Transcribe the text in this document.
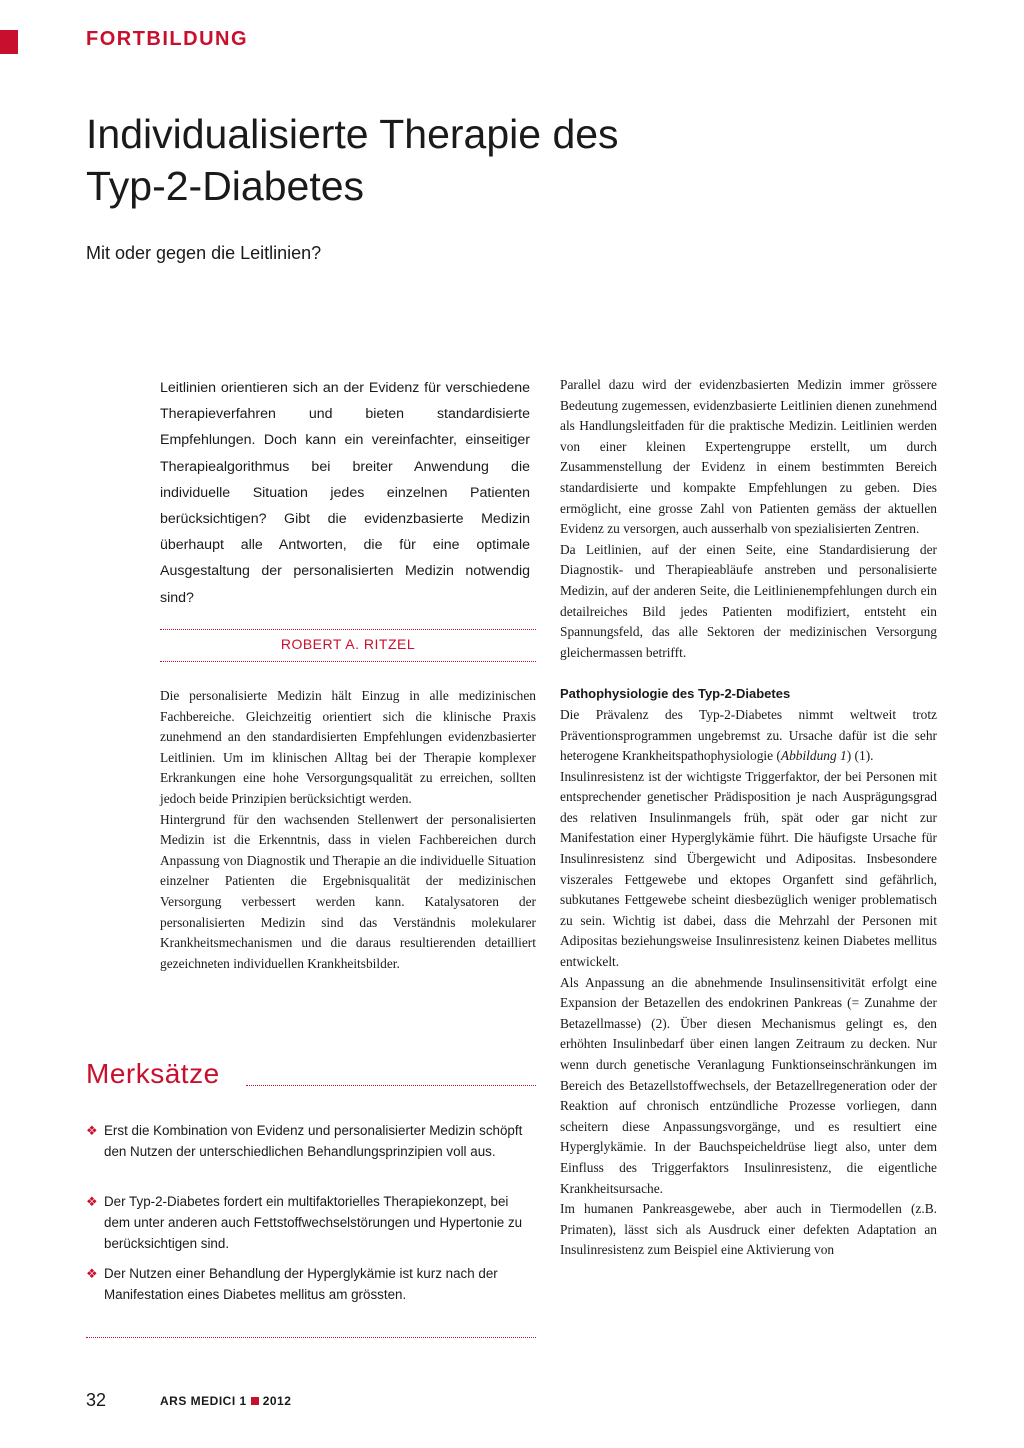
FORTBILDUNG
Individualisierte Therapie des Typ-2-Diabetes
Mit oder gegen die Leitlinien?

Leitlinien orientieren sich an der Evidenz für verschiedene Therapieverfahren und bieten standardisierte Empfehlungen. Doch kann ein vereinfachter, einseitiger Therapiealgorithmus bei breiter Anwendung die individuelle Situation jedes einzelnen Patienten berücksichtigen? Gibt die evidenzbasierte Medizin überhaupt alle Antworten, die für eine optimale Ausgestaltung der personalisierten Medizin notwendig sind?

ROBERT A. RITZEL

Die personalisierte Medizin hält Einzug in alle medizinischen Fachbereiche. Gleichzeitig orientiert sich die klinische Praxis zunehmend an den standardisierten Empfehlungen evidenzbasierter Leitlinien. Um im klinischen Alltag bei der Therapie komplexer Erkrankungen eine hohe Versorgungsqualität zu erreichen, sollten jedoch beide Prinzipien berücksichtigt werden.

Hintergrund für den wachsenden Stellenwert der personalisierten Medizin ist die Erkenntnis, dass in vielen Fachbereichen durch Anpassung von Diagnostik und Therapie an die individuelle Situation einzelner Patienten die Ergebnisqualität der medizinischen Versorgung verbessert werden kann. Katalysatoren der personalisierten Medizin sind das Verständnis molekularer Krankheitsmechanismen und die daraus resultierenden detailliert gezeichneten individuellen Krankheitsbilder.

Parallel dazu wird der evidenzbasierten Medizin immer grössere Bedeutung zugemessen, evidenzbasierte Leitlinien dienen zunehmend als Handlungsleitfaden für die praktische Medizin. Leitlinien werden von einer kleinen Expertengruppe erstellt, um durch Zusammenstellung der Evidenz in einem bestimmten Bereich standardisierte und kompakte Empfehlungen zu geben. Dies ermöglicht, eine grosse Zahl von Patienten gemäss der aktuellen Evidenz zu versorgen, auch ausserhalb von spezialisierten Zentren.

Da Leitlinien, auf der einen Seite, eine Standardisierung der Diagnostik- und Therapieabläufe anstreben und personalisierte Medizin, auf der anderen Seite, die Leitlinienempfehlungen durch ein detailreiches Bild jedes Patienten modifiziert, entsteht ein Spannungsfeld, das alle Sektoren der medizinischen Versorgung gleichermassen betrifft.

Pathophysiologie des Typ-2-Diabetes

Die Prävalenz des Typ-2-Diabetes nimmt weltweit trotz Präventionsprogrammen ungebremst zu. Ursache dafür ist die sehr heterogene Krankheitspathophysiologie (Abbildung 1) (1).

Insulinresistenz ist der wichtigste Triggerfaktor, der bei Personen mit entsprechender genetischer Prädisposition je nach Ausprägungsgrad des relativen Insulinmangels früh, spät oder gar nicht zur Manifestation einer Hyperglykämie führt. Die häufigste Ursache für Insulinresistenz sind Übergewicht und Adipositas. Insbesondere viszerales Fettgewebe und ektopes Organfett sind gefährlich, subkutanes Fettgewebe scheint diesbezüglich weniger problematisch zu sein. Wichtig ist dabei, dass die Mehrzahl der Personen mit Adipositas beziehungsweise Insulinresistenz keinen Diabetes mellitus entwickelt.

Als Anpassung an die abnehmende Insulinsensitivität erfolgt eine Expansion der Betazellen des endokrinen Pankreas (= Zunahme der Betazellmasse) (2). Über diesen Mechanismus gelingt es, den erhöhten Insulinbedarf über einen langen Zeitraum zu decken. Nur wenn durch genetische Veranlagung Funktionseinschränkungen im Bereich des Betazellstoffwechsels, der Betazellregeneration oder der Reaktion auf chronisch entzündliche Prozesse vorliegen, dann scheitern diese Anpassungsvorgänge, und es resultiert eine Hyperglykämie. In der Bauchspeicheldrüse liegt also, unter dem Einfluss des Triggerfaktors Insulinresistenz, die eigentliche Krankheitsursache.

Im humanen Pankreasgewebe, aber auch in Tiermodellen (z.B. Primaten), lässt sich als Ausdruck einer defekten Adaptation an Insulinresistenz zum Beispiel eine Aktivierung von

Merksätze
❖ Erst die Kombination von Evidenz und personalisierter Medizin schöpft den Nutzen der unterschiedlichen Behandlungsprinzipien voll aus.
❖ Der Typ-2-Diabetes fordert ein multifaktorielles Therapiekonzept, bei dem unter anderen auch Fettstoffwechselstörungen und Hypertonie zu berücksichtigen sind.
❖ Der Nutzen einer Behandlung der Hyperglykämie ist kurz nach der Manifestation eines Diabetes mellitus am grössten.
32	ARS MEDICI 1 2012
